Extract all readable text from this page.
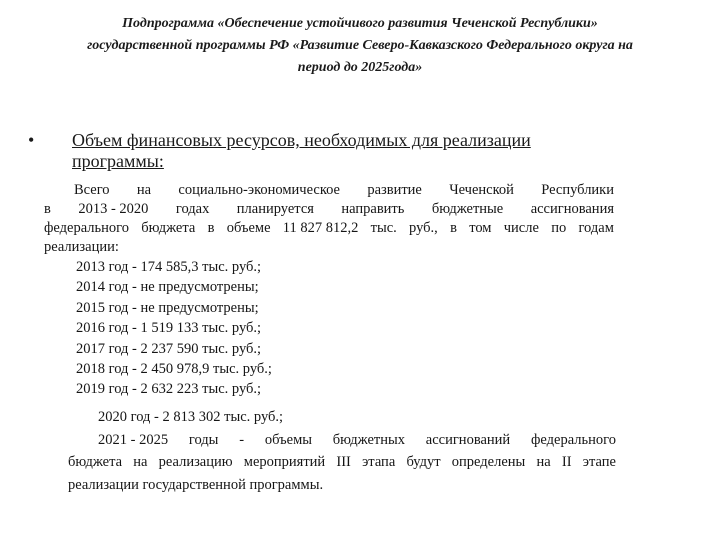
Подпрограмма «Обеспечение устойчивого развития Чеченской Республики»
государственной программы РФ «Развитие Северо-Кавказского Федерального округа на
период до 2025года»
• Объем финансовых ресурсов, необходимых для реализации
программы:
Всего на социально-экономическое развитие Чеченской Республики
в 2013 - 2020 годах планируется направить бюджетные ассигнования
федерального бюджета в объеме 11 827 812,2 тыс. руб., в том числе по годам
реализации:
2013 год - 174 585,3 тыс. руб.;
2014 год - не предусмотрены;
2015 год - не предусмотрены;
2016 год - 1 519 133 тыс. руб.;
2017 год - 2 237 590 тыс. руб.;
2018 год - 2 450 978,9 тыс. руб.;
2019 год - 2 632 223 тыс. руб.;
2020 год - 2 813 302 тыс. руб.;
2021 - 2025 годы - объемы бюджетных ассигнований федерального
бюджета на реализацию мероприятий III этапа будут определены на II этапе
реализации государственной программы.
